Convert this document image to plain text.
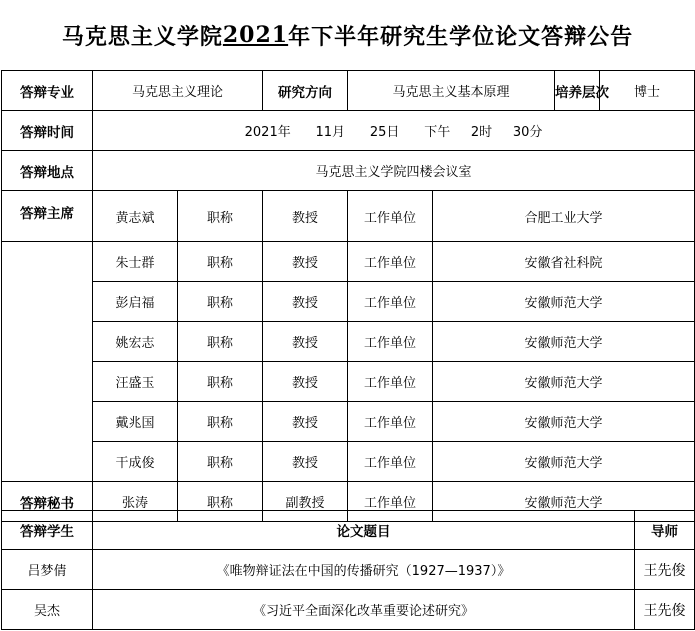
马克思主义学院 2021 年下半年研究生学位论文答辩公告
答辩专业	马克思主义理论		研究方向	马克思主义基本原理		培养层次	博士
答辩时间	2021年 11月 25日 下午 2时 30分						
答辩地点	马克思主义学院四楼会议室						
答辩主席	黄志斌	职称	教授	工作单位	合肥工业大学		
	朱士群	职称	教授	工作单位	安徽省社科院		
	彭启福	职称	教授	工作单位	安徽师范大学		
	姚宏志	职称	教授	工作单位	安徽师范大学		
	汪盛玉	职称	教授	工作单位	安徽师范大学		
	戴兆国	职称	教授	工作单位	安徽师范大学		
	干成俊	职称	教授	工作单位	安徽师范大学		
答辩秘书	张涛	职称	副教授	工作单位	安徽师范大学		
答辩学生	论文题目	导师
吕梦倩	《唯物辩证法在中国的传播研究（1927—1937）》	王先俊
吴杰	《习近平全面深化改革重要论述研究》	王先俊
